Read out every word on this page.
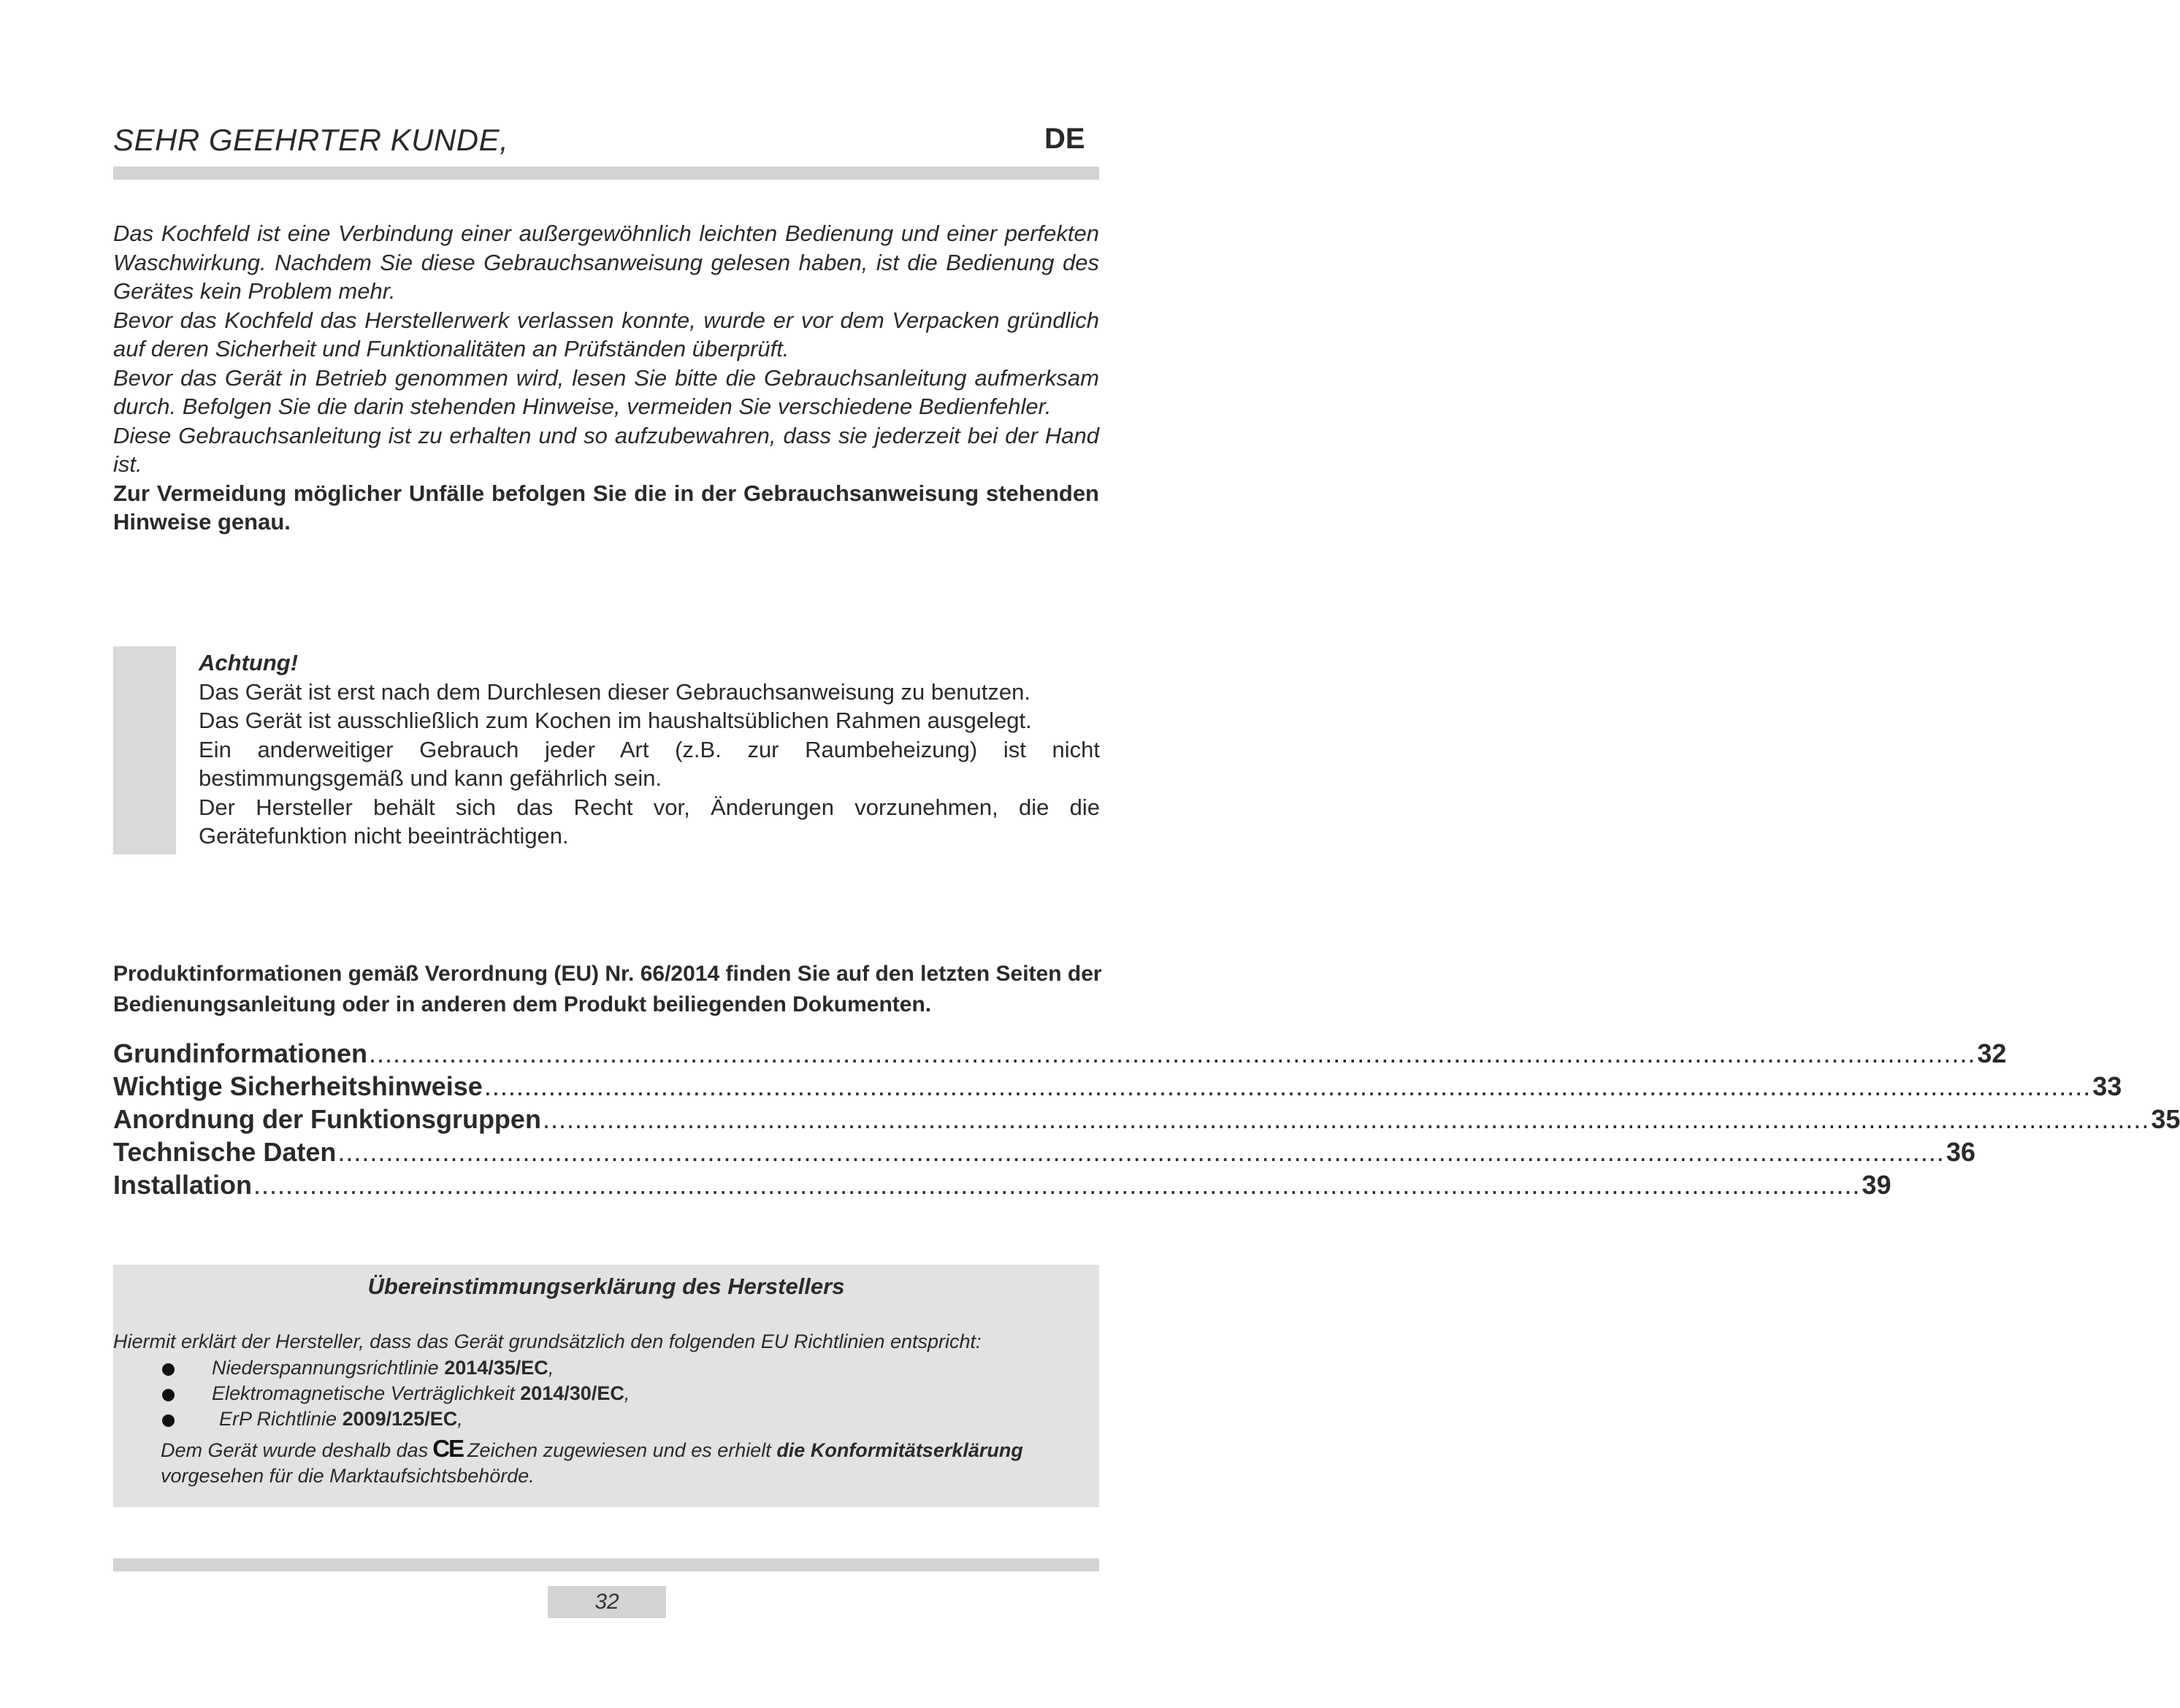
SEHR GEEHRTER KUNDE,	DE

Das Kochfeld ist eine Verbindung einer außergewöhnlich leichten Bedienung und einer perfekten Waschwirkung. Nachdem Sie diese Gebrauchsanweisung gelesen haben, ist die Bedienung des Gerätes kein Problem mehr.

Bevor das Kochfeld das Herstellerwerk verlassen konnte, wurde er vor dem Verpacken gründlich auf deren Sicherheit und Funktionalitäten an Prüfständen überprüft.

Bevor das Gerät in Betrieb genommen wird, lesen Sie bitte die Gebrauchsanleitung aufmerksam durch. Befolgen Sie die darin stehenden Hinweise, vermeiden Sie verschiedene Bedienfehler.

Diese Gebrauchsanleitung ist zu erhalten und so aufzubewahren, dass sie jederzeit bei der Hand ist.

Zur Vermeidung möglicher Unfälle befolgen Sie die in der Gebrauchsanweisung stehenden Hinweise genau.

Achtung!

Das Gerät ist erst nach dem Durchlesen dieser Gebrauchsanweisung zu benutzen.

Das Gerät ist ausschließlich zum Kochen im haushaltsüblichen Rahmen ausgelegt.

Ein anderweitiger Gebrauch jeder Art (z.B. zur Raumbeheizung) ist nicht bestimmungsgemäß und kann gefährlich sein.

Der Hersteller behält sich das Recht vor, Änderungen vorzunehmen, die die Gerätefunktion nicht beeinträchtigen.

Produktinformationen gemäß Verordnung (EU) Nr. 66/2014 finden Sie auf den letzten Seiten der Bedienungsanleitung oder in anderen dem Produkt beiliegenden Dokumenten.
Grundinformationen ........................................................................................................................................................................................................ 32
Wichtige Sicherheitshinweise ........................................................................................................................................................................................................ 33
Anordnung der Funktionsgruppen ........................................................................................................................................................................................................ 35
Technische Daten ........................................................................................................................................................................................................ 36
Installation ........................................................................................................................................................................................................ 39
Übereinstimmungserklärung des Herstellers
Hiermit erklärt der Hersteller, dass das Gerät grundsätzlich den folgenden EU Richtlinien entspricht:
Niederspannungsrichtlinie 2014/35/EC,
Elektromagnetische Verträglichkeit 2014/30/EC,
ErP Richtlinie 2009/125/EC,
Dem Gerät wurde deshalb das CE Zeichen zugewiesen und es erhielt die Konformitätserklärung
vorgesehen für die Marktaufsichtsbehörde.
32
